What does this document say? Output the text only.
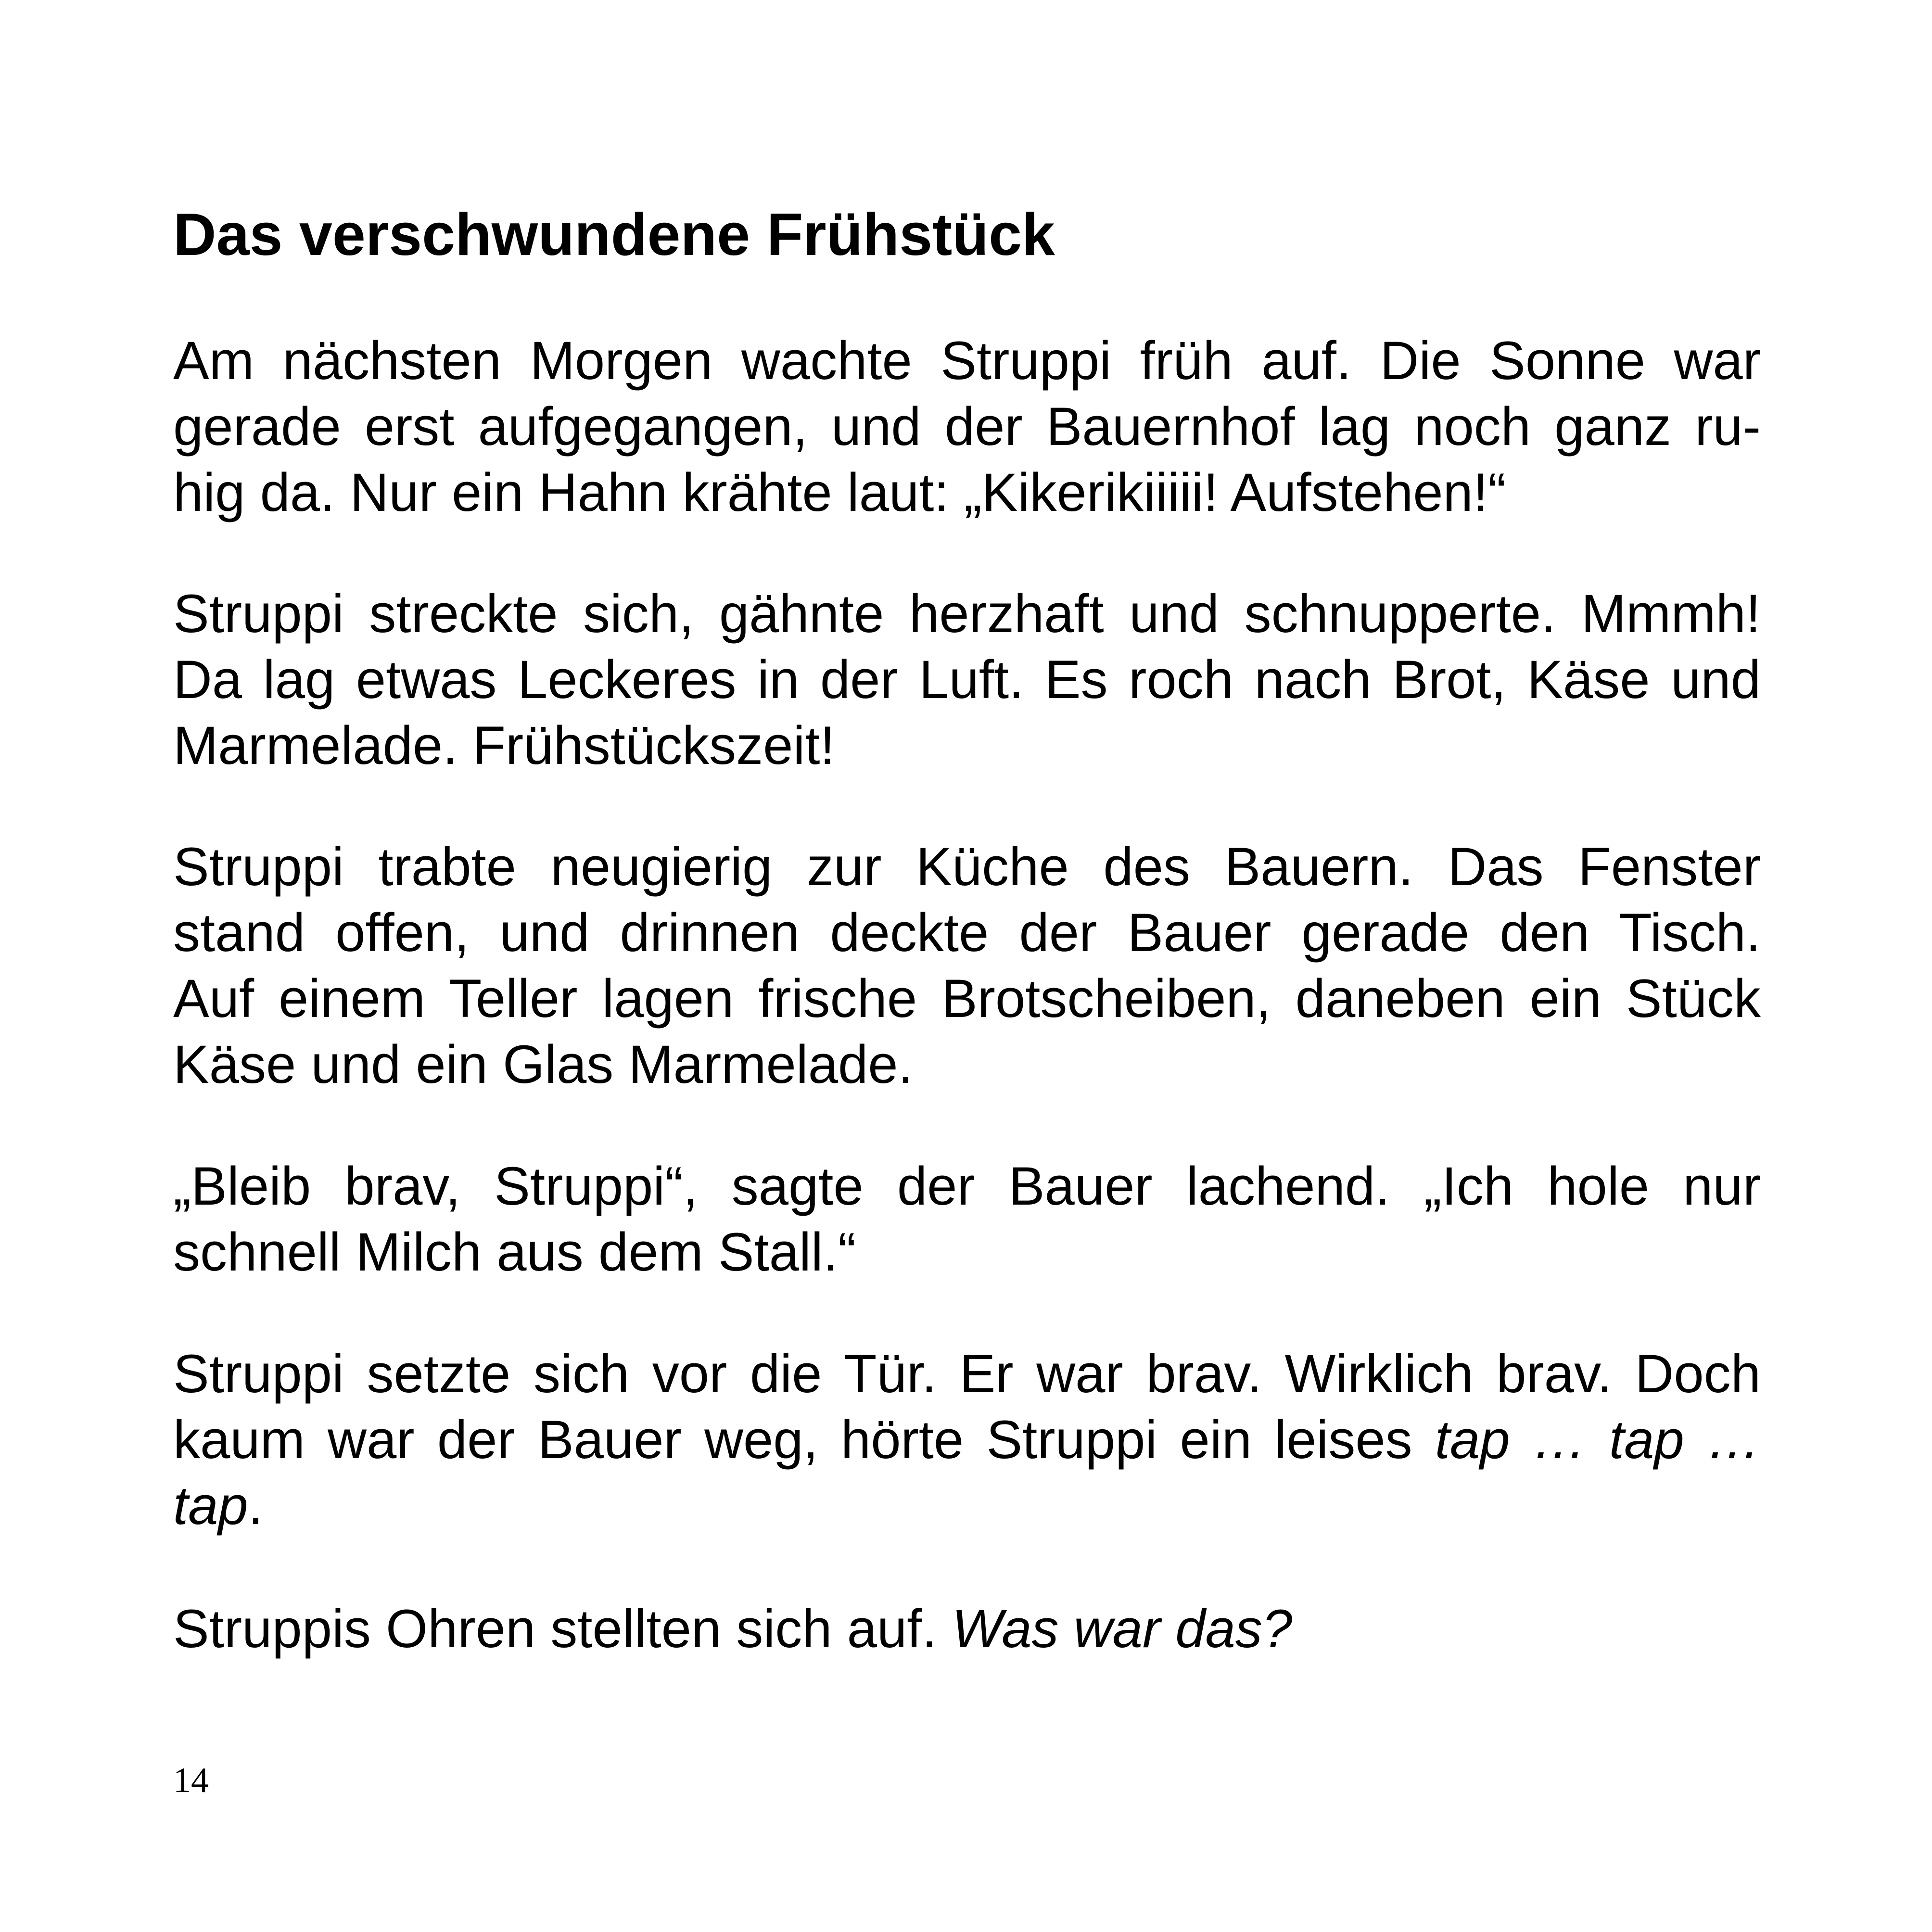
Das verschwundene Frühstück
Am nächsten Morgen wachte Struppi früh auf. Die Sonne war
gerade erst aufgegangen, und der Bauernhof lag noch ganz ru-
hig da. Nur ein Hahn krähte laut: „Kikerikiiiii! Aufstehen!“
Struppi streckte sich, gähnte herzhaft und schnupperte. Mmmh!
Da lag etwas Leckeres in der Luft. Es roch nach Brot, Käse und
Marmelade. Frühstückszeit!
Struppi trabte neugierig zur Küche des Bauern. Das Fenster
stand offen, und drinnen deckte der Bauer gerade den Tisch.
Auf einem Teller lagen frische Brotscheiben, daneben ein Stück
Käse und ein Glas Marmelade.
„Bleib brav, Struppi“, sagte der Bauer lachend. „Ich hole nur
schnell Milch aus dem Stall.“
Struppi setzte sich vor die Tür. Er war brav. Wirklich brav. Doch
kaum war der Bauer weg, hörte Struppi ein leises tap … tap …
tap.
Struppis Ohren stellten sich auf. Was war das?
14
